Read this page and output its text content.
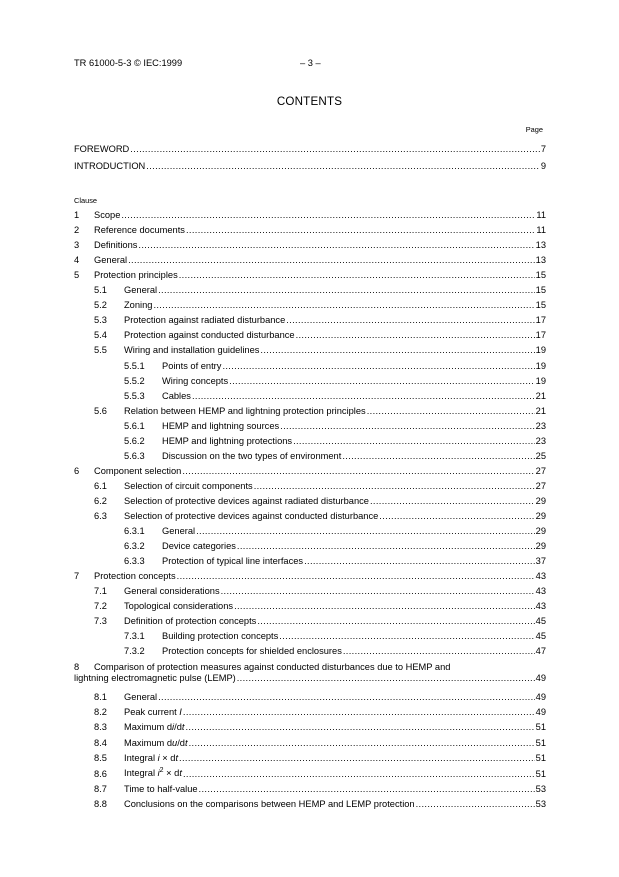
TR 61000-5-3 © IEC:1999	– 3 –
CONTENTS
Page
FOREWORD .....	7
INTRODUCTION .....	9
1 Scope .....	11
2 Reference documents .....	11
3 Definitions .....	13
4 General .....	13
5 Protection principles .....	15
5.1 General .....	15
5.2 Zoning .....	15
5.3 Protection against radiated disturbance .....	17
5.4 Protection against conducted disturbance .....	17
5.5 Wiring and installation guidelines .....	19
5.5.1 Points of entry .....	19
5.5.2 Wiring concepts .....	19
5.5.3 Cables .....	21
5.6 Relation between HEMP and lightning protection principles .....	21
5.6.1 HEMP and lightning sources .....	23
5.6.2 HEMP and lightning protections .....	23
5.6.3 Discussion on the two types of environment .....	25
6 Component selection .....	27
6.1 Selection of circuit components .....	27
6.2 Selection of protective devices against radiated disturbance .....	29
6.3 Selection of protective devices against conducted disturbance .....	29
6.3.1 General .....	29
6.3.2 Device categories .....	29
6.3.3 Protection of typical line interfaces .....	37
7 Protection concepts .....	43
7.1 General considerations .....	43
7.2 Topological considerations .....	43
7.3 Definition of protection concepts .....	45
7.3.1 Building protection concepts .....	45
7.3.2 Protection concepts for shielded enclosures .....	47
8 Comparison of protection measures against conducted disturbances due to HEMP and
lightning electromagnetic pulse (LEMP) .....	49
8.1 General .....	49
8.2 Peak current I .....	49
8.3 Maximum di/dt .....	51
8.4 Maximum du/dt .....	51
8.5 Integral i × dt .....	51
8.6 Integral $i^2$ × dt .....	51
8.7 Time to half-value .....	53
8.8 Conclusions on the comparisons between HEMP and LEMP protection .....	53
Clause
